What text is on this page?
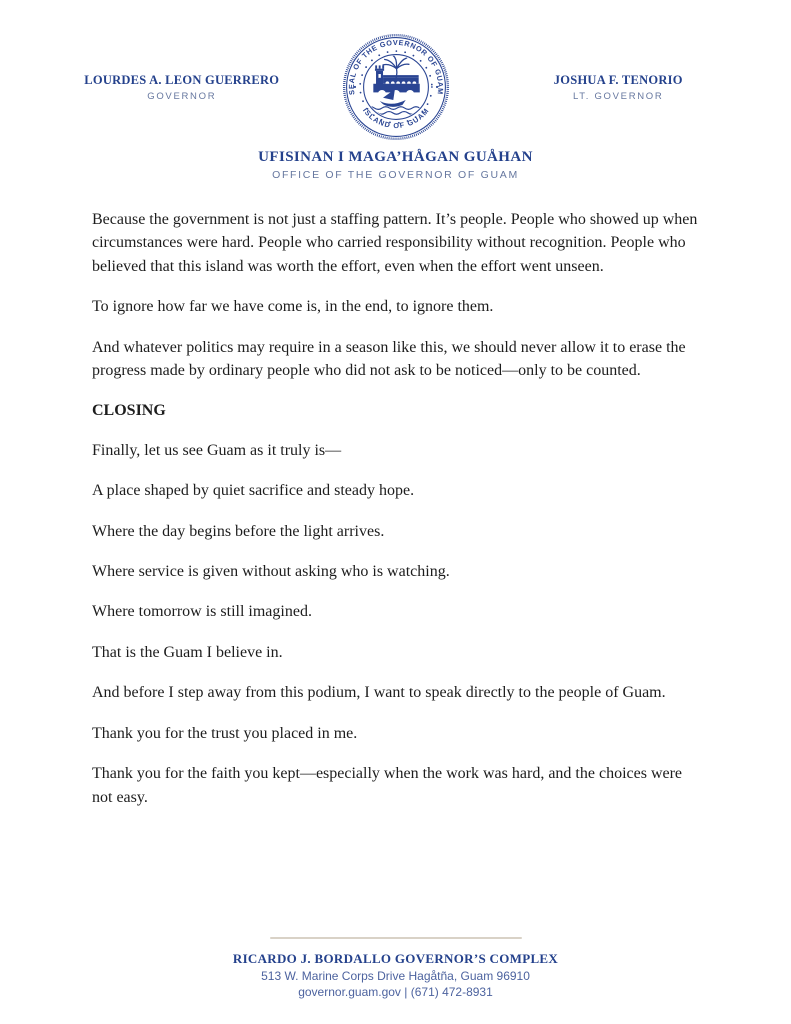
LOURDES A. LEON GUERRERO
GOVERNOR	SEAL OF THE GOVERNOR OF GUAM
ISLAND OF GUAM
JOSHUA F. TENORIO
LT. GOVERNOR
UFISINAN I MAGA’HÅGAN GUÅHAN
OFFICE OF THE GOVERNOR OF GUAM

Because the government is not just a staffing pattern. It’s people. People who showed up when circumstances were hard. People who carried responsibility without recognition. People who believed that this island was worth the effort, even when the effort went unseen.

To ignore how far we have come is, in the end, to ignore them.

And whatever politics may require in a season like this, we should never allow it to erase the progress made by ordinary people who did not ask to be noticed—only to be counted.

CLOSING

Finally, let us see Guam as it truly is—

A place shaped by quiet sacrifice and steady hope.

Where the day begins before the light arrives.

Where service is given without asking who is watching.

Where tomorrow is still imagined.

That is the Guam I believe in.

And before I step away from this podium, I want to speak directly to the people of Guam.

Thank you for the trust you placed in me.

Thank you for the faith you kept—especially when the work was hard, and the choices were not easy.

RICARDO J. BORDALLO GOVERNOR’S COMPLEX
513 W. Marine Corps Drive Hagåtña, Guam 96910
governor.guam.gov | (671) 472-8931
